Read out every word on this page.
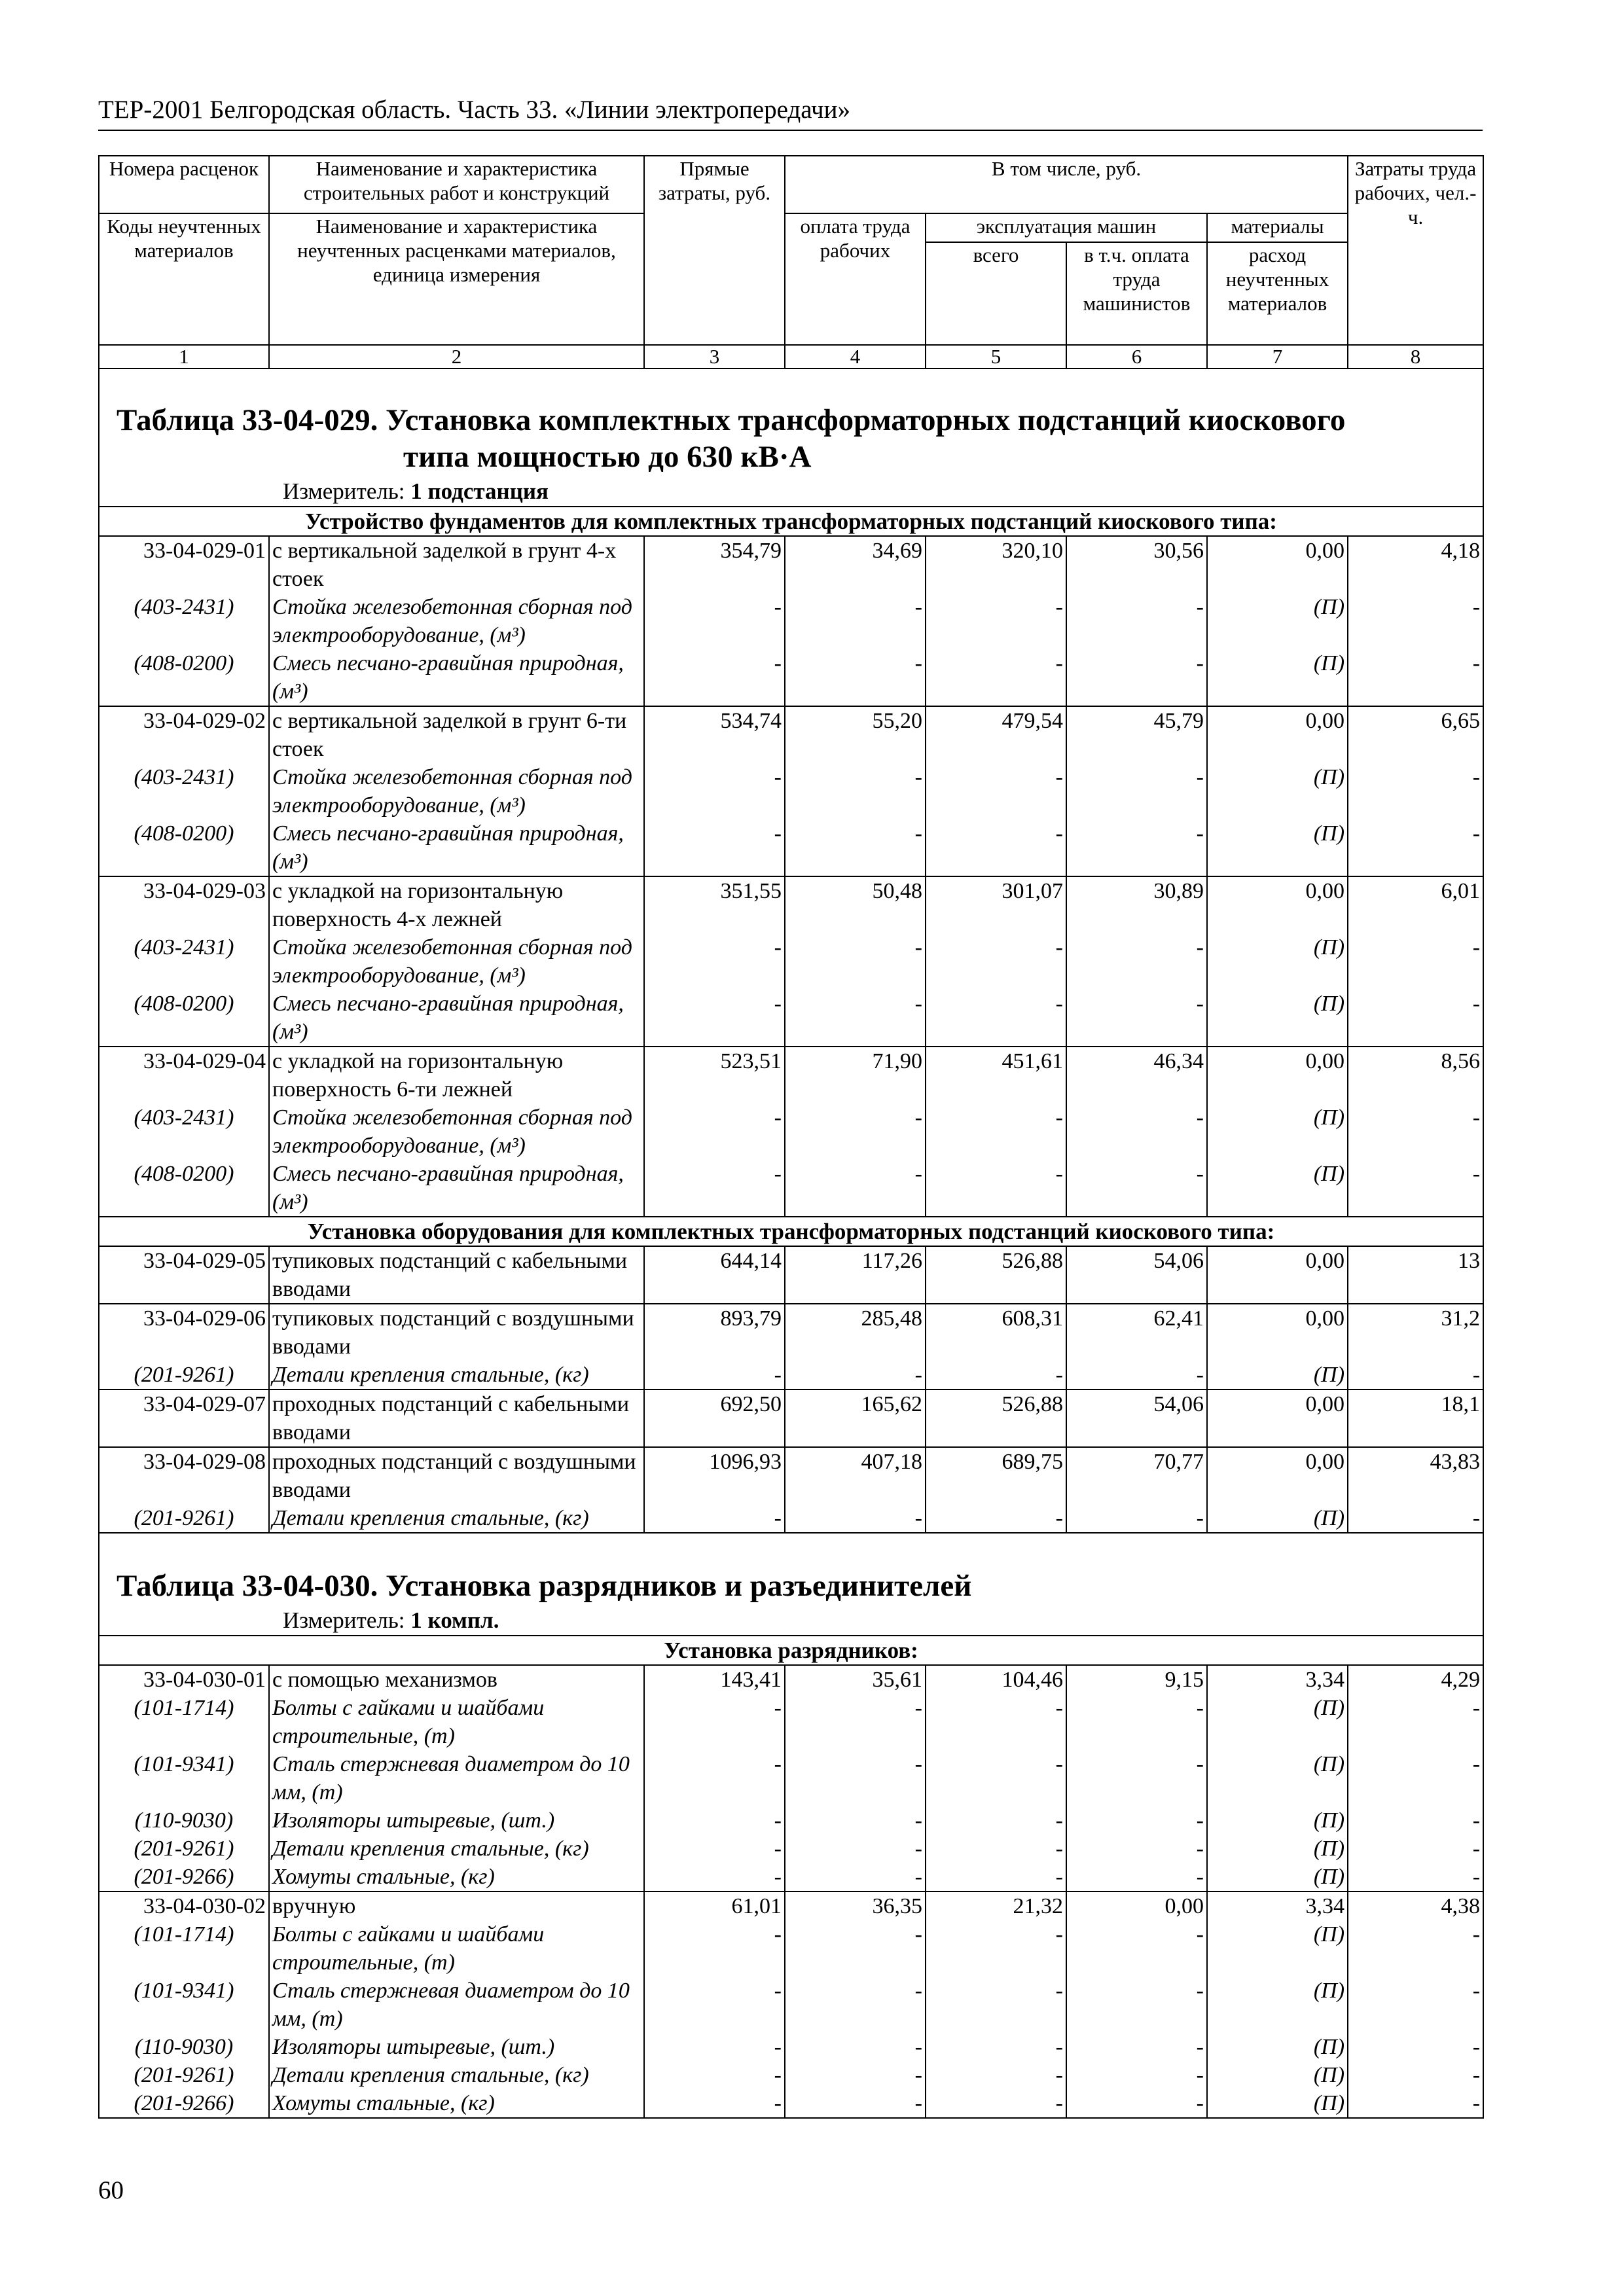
ТЕР-2001 Белгородская область. Часть 33. «Линии электропередачи»
Номера расценок	Наименование и характеристика строительных работ и конструкций	Прямые затраты, руб.	В том числе, руб.				Затраты труда рабочих, чел.-ч.
Коды неучтенных материалов	Наименование и характеристика неучтенных расценками материалов, единица измерения		оплата труда рабочих	эксплуатация машин		материалы	
				всего	в т.ч. оплата труда машинистов	расход неучтенных материалов	
1	2	3	4	5	6	7	8

Таблица 33-04-029. Установка комплектных трансформаторных подстанций киоскового
типа мощностью до 630 кВ·А
Измеритель: 1 подстанция							

Устройство фундаментов для комплектных трансформаторных подстанций киоскового типа:							
33-04-029-01	с вертикальной заделкой в грунт 4-х стоек	354,79	34,69	320,10	30,56	0,00	4,18
(403-2431)	Стойка железобетонная сборная под электрооборудование, (м³)	-	-	-	-	(П)	-
(408-0200)	Смесь песчано-гравийная природная, (м³)	-	-	-	-	(П)	-
33-04-029-02	с вертикальной заделкой в грунт 6-ти стоек	534,74	55,20	479,54	45,79	0,00	6,65
(403-2431)	Стойка железобетонная сборная под электрооборудование, (м³)	-	-	-	-	(П)	-
(408-0200)	Смесь песчано-гравийная природная, (м³)	-	-	-	-	(П)	-
33-04-029-03	с укладкой на горизонтальную поверхность 4-х лежней	351,55	50,48	301,07	30,89	0,00	6,01
(403-2431)	Стойка железобетонная сборная под электрооборудование, (м³)	-	-	-	-	(П)	-
(408-0200)	Смесь песчано-гравийная природная, (м³)	-	-	-	-	(П)	-
33-04-029-04	с укладкой на горизонтальную поверхность 6-ти лежней	523,51	71,90	451,61	46,34	0,00	8,56
(403-2431)	Стойка железобетонная сборная под электрооборудование, (м³)	-	-	-	-	(П)	-
(408-0200)	Смесь песчано-гравийная природная, (м³)	-	-	-	-	(П)	-
Установка оборудования для комплектных трансформаторных подстанций киоскового типа:							
33-04-029-05	тупиковых подстанций с кабельными вводами	644,14	117,26	526,88	54,06	0,00	13
33-04-029-06	тупиковых подстанций с воздушными вводами	893,79	285,48	608,31	62,41	0,00	31,2
(201-9261)	Детали крепления стальные, (кг)	-	-	-	-	(П)	-
33-04-029-07	проходных подстанций с кабельными вводами	692,50	165,62	526,88	54,06	0,00	18,1
33-04-029-08	проходных подстанций с воздушными вводами	1096,93	407,18	689,75	70,77	0,00	43,83
(201-9261)	Детали крепления стальные, (кг)	-	-	-	-	(П)	-

Таблица 33-04-030. Установка разрядников и разъединителей
Измеритель: 1 компл.							

Установка разрядников:							
33-04-030-01	с помощью механизмов	143,41	35,61	104,46	9,15	3,34	4,29
(101-1714)	Болты с гайками и шайбами строительные, (т)	-	-	-	-	(П)	-
(101-9341)	Сталь стержневая диаметром до 10 мм, (т)	-	-	-	-	(П)	-
(110-9030)	Изоляторы штыревые, (шт.)	-	-	-	-	(П)	-
(201-9261)	Детали крепления стальные, (кг)	-	-	-	-	(П)	-
(201-9266)	Хомуты стальные, (кг)	-	-	-	-	(П)	-
33-04-030-02	вручную	61,01	36,35	21,32	0,00	3,34	4,38
(101-1714)	Болты с гайками и шайбами строительные, (т)	-	-	-	-	(П)	-
(101-9341)	Сталь стержневая диаметром до 10 мм, (т)	-	-	-	-	(П)	-
(110-9030)	Изоляторы штыревые, (шт.)	-	-	-	-	(П)	-
(201-9261)	Детали крепления стальные, (кг)	-	-	-	-	(П)	-
(201-9266)	Хомуты стальные, (кг)	-	-	-	-	(П)	-
60
